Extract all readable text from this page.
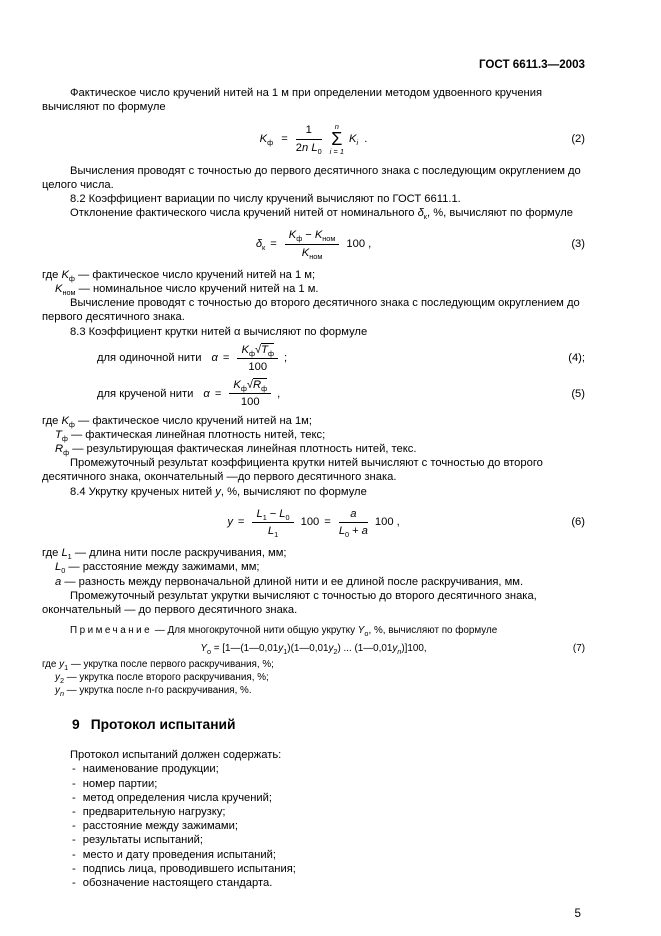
ГОСТ 6611.3—2003

Фактическое число кручений нитей на 1 м при определении методом удвоенного кручения вычисляют по формуле

$K_ф = \frac{1}{2n L_0}$ n
Σ
i = 1
$K_i$ .	(2)

Вычисления проводят с точностью до первого десятичного знака с последующим округлением до целого числа.

8.2 Коэффициент вариации по числу кручений вычисляют по ГОСТ 6611.1.

Отклонение фактического числа кручений нитей от номинального $\delta_к$, %, вычисляют по формуле

$\delta_к = \frac{K_ф - K_{ном}}{K_{ном}} 100$ ,	(3)
где $K_ф$ — фактическое число кручений нитей на 1 м;
$K_{ном}$ — номинальное число кручений нитей на 1 м.

Вычисление проводят с точностью до второго десятичного знака с последующим округлением до первого десятичного знака.

8.3 Коэффициент крутки нитей α вычисляют по формуле

для одиночной нити $\alpha = \frac{K_ф√T_ф}{100}$ ;	(4);
для крученой нити $\alpha = \frac{K_ф√R_ф}{100}$ ,	(5)
где $K_ф$ — фактическое число кручений нитей на 1м;
$T_ф$ — фактическая линейная плотность нитей, текс;
$R_ф$ — результирующая фактическая линейная плотность нитей, текс.

Промежуточный результат коэффициента крутки нитей вычисляют с точностью до второго десятичного знака, окончательный —до первого десятичного знака.

8.4 Укрутку крученых нитей y, %, вычисляют по формуле

$y = \frac{L_1 - L_0}{L_1} 100 = \frac{a}{L_0 + a} 100$ ,	(6)
где $L_1$ — длина нити после раскручивания, мм;
$L_0$ — расстояние между зажимами, мм;
a — разность между первоначальной длиной нити и ее длиной после раскручивания, мм.

Промежуточный результат укрутки вычисляют с точностью до второго десятичного знака, окончательный — до первого десятичного знака.

Примечание — Для многокруточной нити общую укрутку $Y_о$, %, вычисляют по формуле

$Y_о$ = [$1—(1—0,01y_1)(1—0,01y_2)$ ... $(1—0,01y_n)]100$,	(7)
где $y_1$ — укрутка после первого раскручивания, %;
$y_2$ — укрутка после второго раскручивания, %;
$y_n$ — укрутка после n-го раскручивания, %.
9 Протокол испытаний

Протокол испытаний должен содержать:

- наименование продукции;
- номер партии;
- метод определения числа кручений;
- предварительную нагрузку;
- расстояние между зажимами;
- результаты испытаний;
- место и дату проведения испытаний;
- подпись лица, проводившего испытания;
- обозначение настоящего стандарта.
5
